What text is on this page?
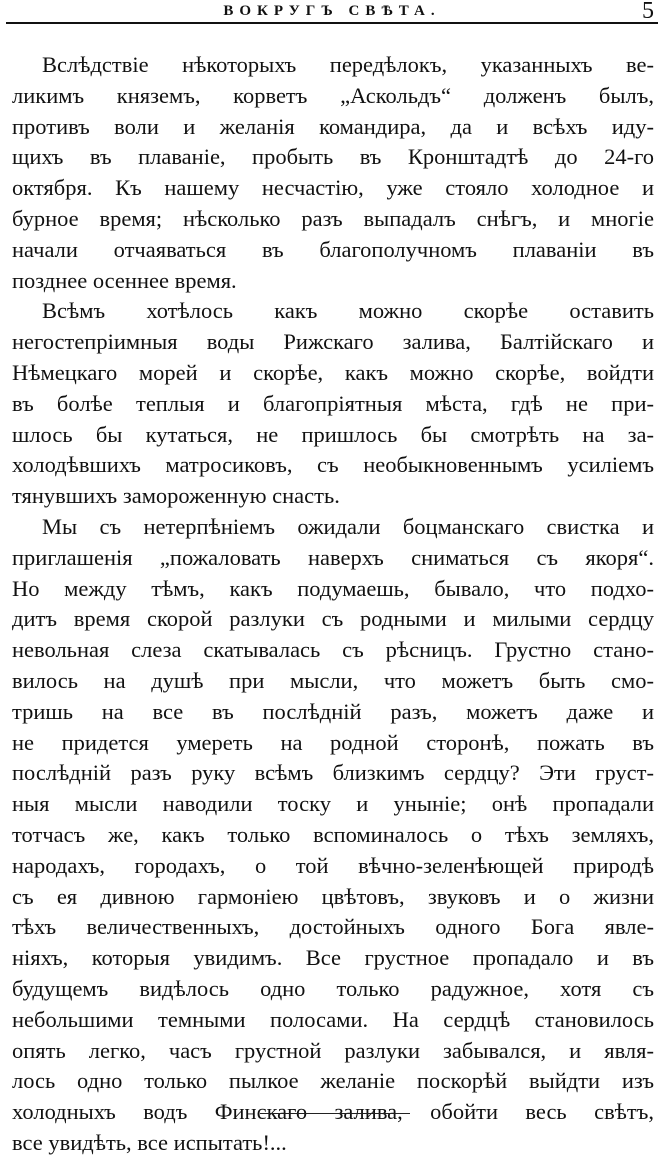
ВОКРУГЪ СВѢТА.	5
Вслѣдствіе нѣкоторыхъ передѣлокъ, указанныхъ ве-
ликимъ княземъ, корветъ „Аскольдъ“ долженъ былъ,
противъ воли и желанія командира, да и всѣхъ иду-
щихъ въ плаваніе, пробыть въ Кронштадтѣ до 24-го
октября. Къ нашему несчастію, уже стояло холодное и
бурное время; нѣсколько разъ выпадалъ снѣгъ, и многіе
начали отчаяваться въ благополучномъ плаваніи въ
позднее осеннее время.
Всѣмъ хотѣлось какъ можно скорѣе оставить
негостепріимныя воды Рижскаго залива, Балтійскаго и
Нѣмецкаго морей и скорѣе, какъ можно скорѣе, войдти
въ болѣе теплыя и благопріятныя мѣста, гдѣ не при-
шлось бы кутаться, не пришлось бы смотрѣть на за-
холодѣвшихъ матросиковъ, съ необыкновеннымъ усиліемъ
тянувшихъ замороженную снасть.
Мы съ нетерпѣніемъ ожидали боцманскаго свистка и
приглашенія „пожаловать наверхъ сниматься съ якоря“.
Но между тѣмъ, какъ подумаешь, бывало, что подхо-
дитъ время скорой разлуки съ родными и милыми сердцу
невольная слеза скатывалась съ рѣсницъ. Грустно стано-
вилось на душѣ при мысли, что можетъ быть смо-
тришь на все въ послѣдній разъ, можетъ даже и
не придется умереть на родной сторонѣ, пожать въ
послѣдній разъ руку всѣмъ близкимъ сердцу? Эти груст-
ныя мысли наводили тоску и уныніе; онѣ пропадали
тотчасъ же, какъ только вспоминалось о тѣхъ земляхъ,
народахъ, городахъ, о той вѣчно-зеленѣющей природѣ
съ ея дивною гармоніею цвѣтовъ, звуковъ и о жизни
тѣхъ величественныхъ, достойныхъ одного Бога явле-
ніяхъ, которыя увидимъ. Все грустное пропадало и въ
будущемъ видѣлось одно только радужное, хотя съ
небольшими темными полосами. На сердцѣ становилось
опять легко, часъ грустной разлуки забывался, и явля-
лось одно только пылкое желаніе поскорѣй выйдти изъ
холодныхъ водъ Финскаго залива, обойти весь свѣтъ,
все увидѣть, все испытать!...
